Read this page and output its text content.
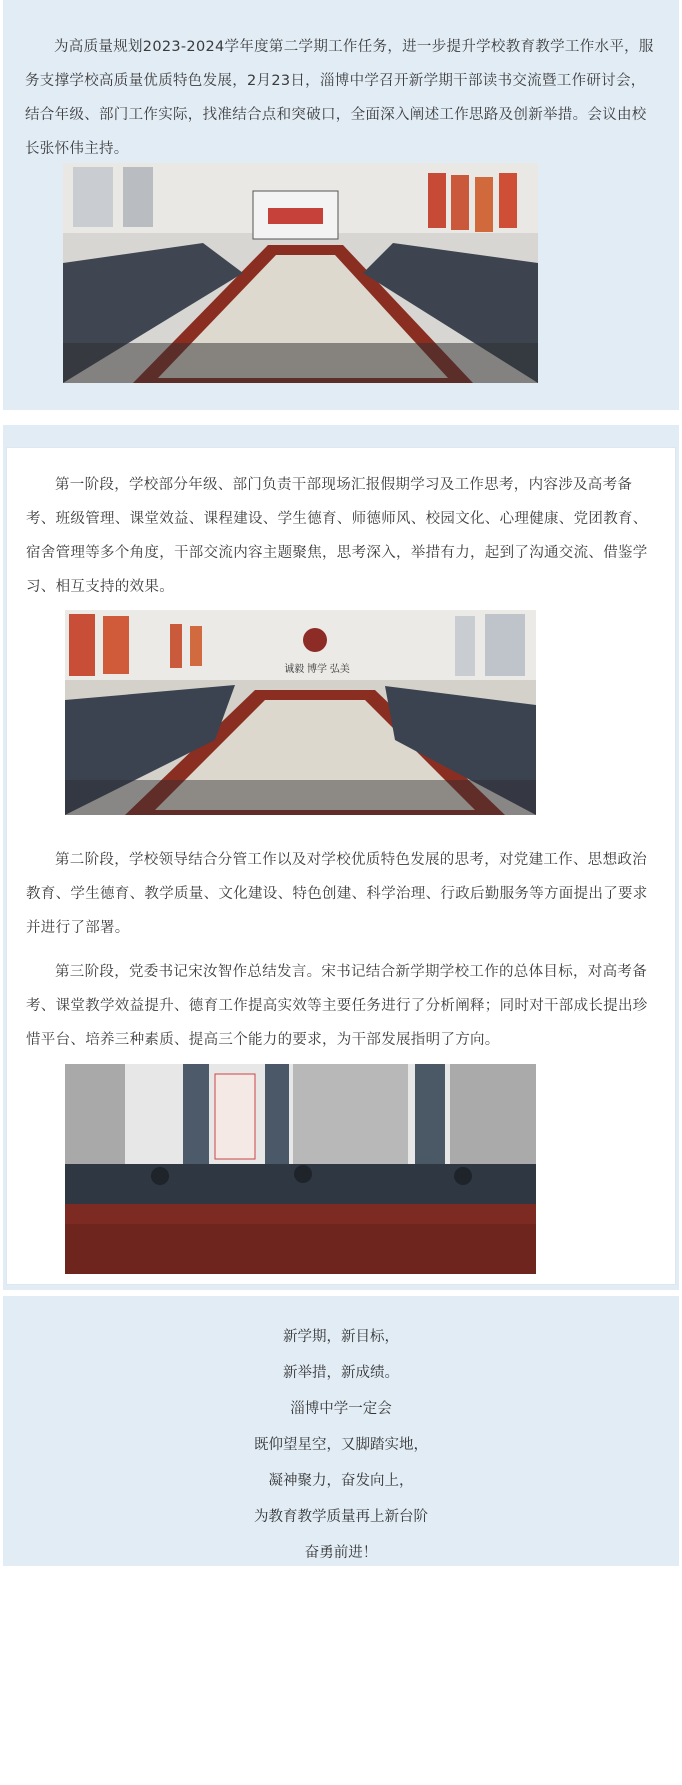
为高质量规划2023-2024学年度第二学期工作任务，进一步提升学校教育教学工作水平，服务支撑学校高质量优质特色发展，2月23日，淄博中学召开新学期干部读书交流暨工作研讨会，结合年级、部门工作实际，找准结合点和突破口，全面深入阐述工作思路及创新举措。会议由校长张怀伟主持。

第一阶段，学校部分年级、部门负责干部现场汇报假期学习及工作思考，内容涉及高考备考、班级管理、课堂效益、课程建设、学生德育、师德师风、校园文化、心理健康、党团教育、宿舍管理等多个角度，干部交流内容主题聚焦，思考深入，举措有力，起到了沟通交流、借鉴学习、相互支持的效果。

诚毅 博学 弘美

第二阶段，学校领导结合分管工作以及对学校优质特色发展的思考，对党建工作、思想政治教育、学生德育、教学质量、文化建设、特色创建、科学治理、行政后勤服务等方面提出了要求并进行了部署。

第三阶段，党委书记宋汝智作总结发言。宋书记结合新学期学校工作的总体目标，对高考备考、课堂教学效益提升、德育工作提高实效等主要任务进行了分析阐释；同时对干部成长提出珍惜平台、培养三种素质、提高三个能力的要求，为干部发展指明了方向。

新学期，新目标，
新举措，新成绩。
淄博中学一定会
既仰望星空，又脚踏实地，
凝神聚力，奋发向上，
为教育教学质量再上新台阶
奋勇前进！
